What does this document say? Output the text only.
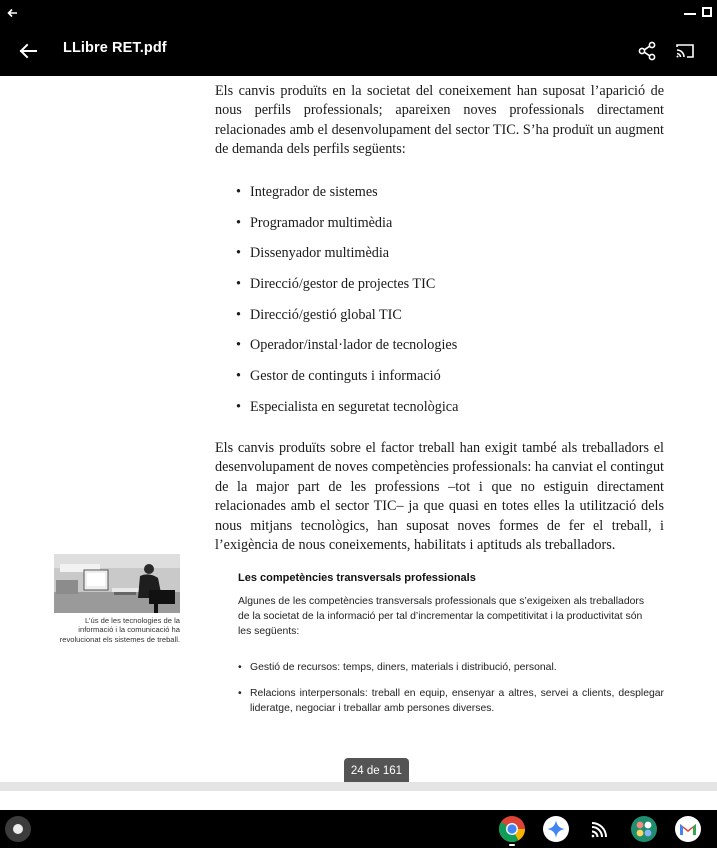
LLibre RET.pdf

Els canvis produïts en la societat del coneixement han suposat l’aparició de nous perfils professionals; apareixen noves professionals directament relacionades amb el desenvolupament del sector TIC. S’ha produït un augment de demanda dels perfils següents:

• Integrador de sistemes
• Programador multimèdia
• Dissenyador multimèdia
• Direcció/gestor de projectes TIC
• Direcció/gestió global TIC
• Operador/instal·lador de tecnologies
• Gestor de continguts i informació
• Especialista en seguretat tecnològica

Els canvis produïts sobre el factor treball han exigit també als treballadors el desenvolupament de noves competències professionals: ha canviat el contingut de la major part de les professions –tot i que no estiguin directament relacionades amb el sector TIC– ja que quasi en totes elles la utilització dels nous mitjans tecnològics, han suposat noves formes de fer el treball, i l’exigència de nous coneixements, habilitats i aptituds als treballadors.

L’ús de les tecnologies de la informació i la comunicació ha revolucionat els sistemes de treball.
Les competències transversals professionals
Algunes de les competències transversals professionals que s’exigeixen als treballadors de la societat de la informació per tal d’incrementar la competitivitat i la productivitat són les següents:
• Gestió de recursos: temps, diners, materials i distribució, personal.
• Relacions interpersonals: treball en equip, ensenyar a altres, servei a clients, desplegar lideratge, negociar i treballar amb persones diverses.
24 de 161
